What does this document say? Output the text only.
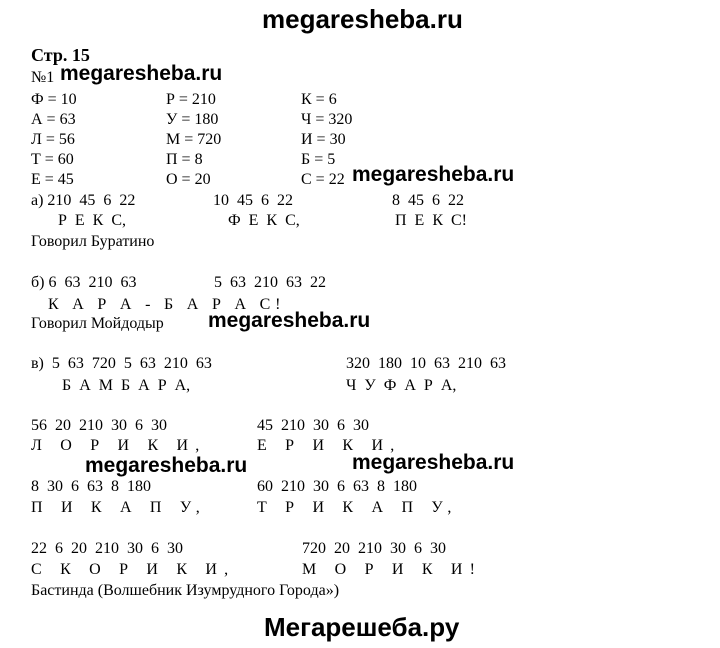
megaresheba.ru
Стр. 15
№1 megaresheba.ru
megaresheba.ru
megaresheba.ru
megaresheba.ru	megaresheba.ru
Ф = 10	Р = 210	К = 6
А = 63	У = 180	Ч = 320
Л = 56	М = 720	И = 30
Т = 60	П = 8	Б = 5
Е = 45	О = 20	С = 22
а) 210  45  6  22	10  45  6  22	8  45  6  22
Р  Е  К  С,	Ф  Е  К  С,	П  Е  К  С!
Говорил Буратино
б) 6  63  210  63	5  63  210  63  22
К А Р А - Б А Р А С!
Говорил Мойдодыр
в)  5  63  720  5  63  210  63	320  180  10  63  210  63
Б  А  М  Б  А  Р  А,	Ч  У  Ф  А  Р  А,
56  20  210  30  6  30	45  210  30  6  30
Л О Р И К И,	Е Р И К И,
8  30  6  63  8  180	60  210  30  6  63  8  180
П И К А П У,	Т Р И К А П У,
22  6  20  210  30  6  30	720  20  210  30  6  30
С К О Р И К И,	М О Р И К И!
Бастинда (Волшебник Изумрудного Города»)
Мегарешеба.ру
